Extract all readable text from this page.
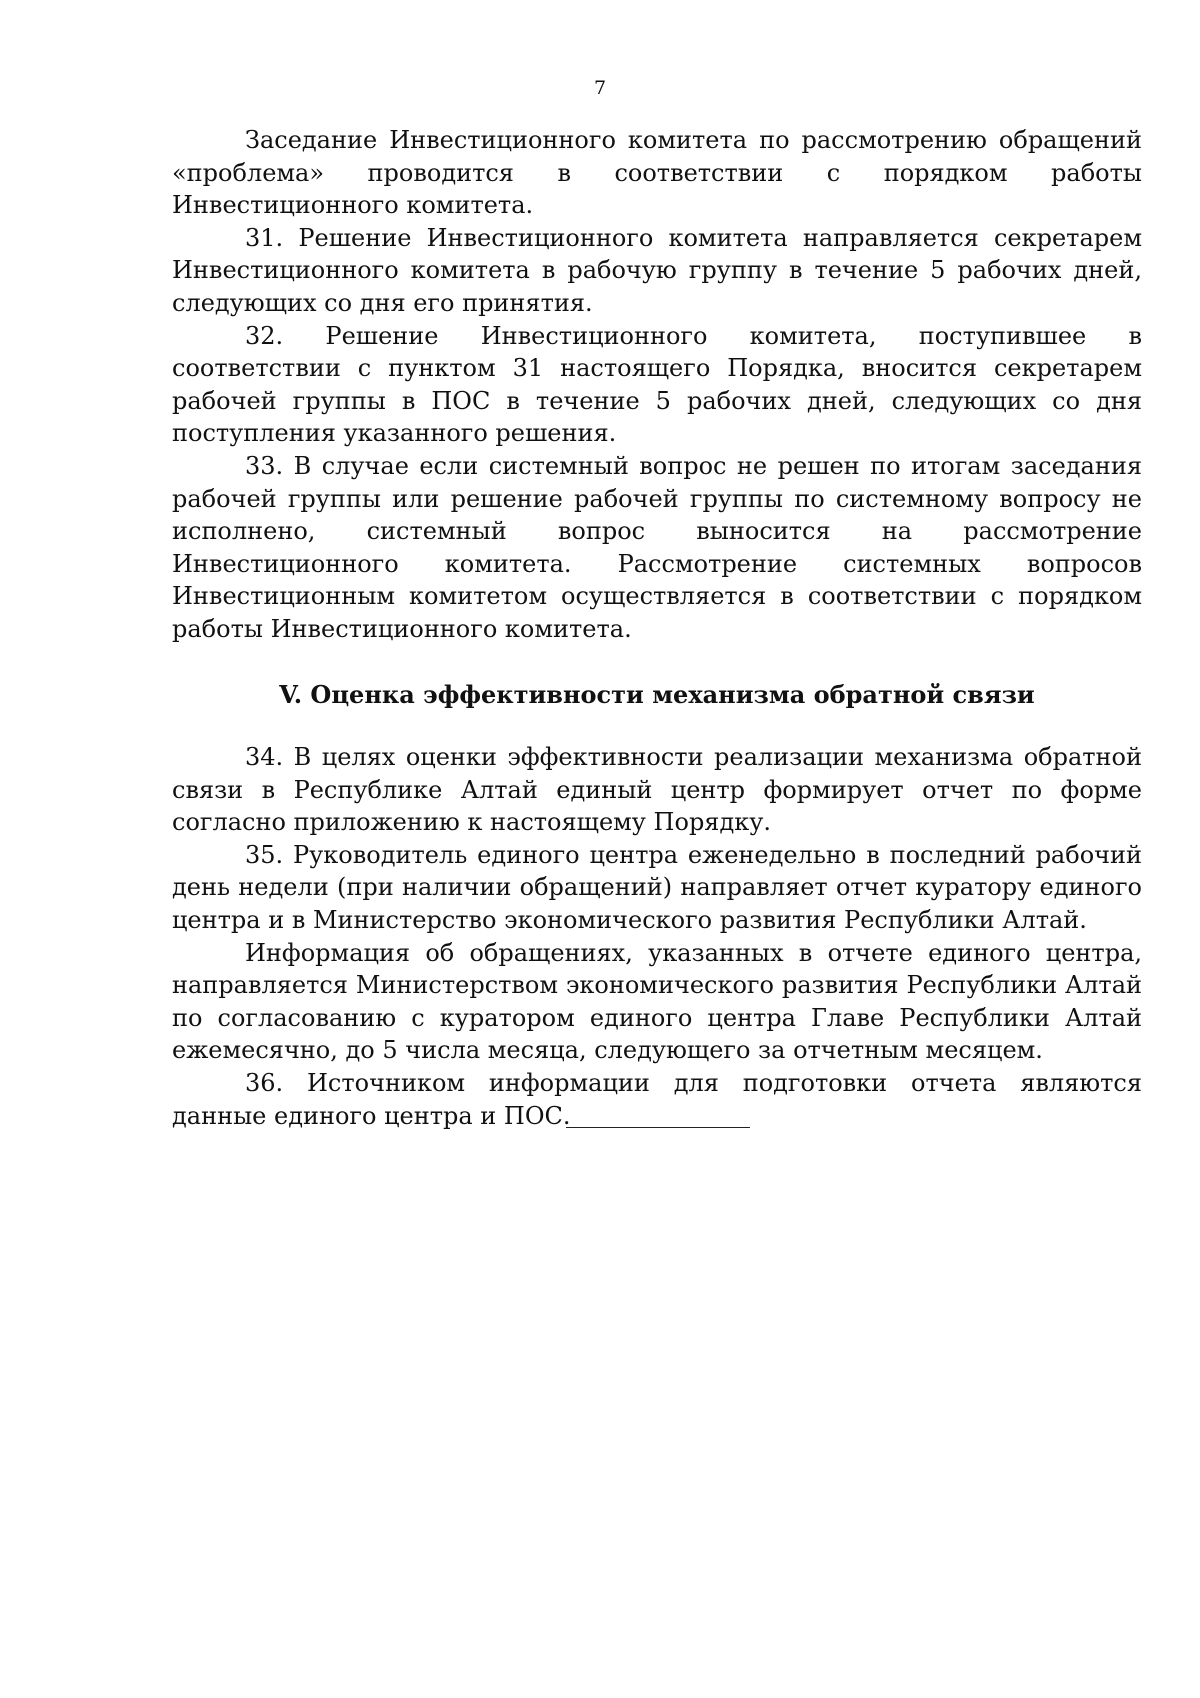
7

Заседание Инвестиционного комитета по рассмотрению обращений «проблема» проводится в соответствии с порядком работы Инвестиционного комитета.

31. Решение Инвестиционного комитета направляется секретарем Инвестиционного комитета в рабочую группу в течение 5 рабочих дней, следующих со дня его принятия.

32. Решение Инвестиционного комитета, поступившее в соответствии с пунктом 31 настоящего Порядка, вносится секретарем рабочей группы в ПОС в течение 5 рабочих дней, следующих со дня поступления указанного решения.

33. В случае если системный вопрос не решен по итогам заседания рабочей группы или решение рабочей группы по системному вопросу не исполнено, системный вопрос выносится на рассмотрение Инвестиционного комитета. Рассмотрение системных вопросов Инвестиционным комитетом осуществляется в соответствии с порядком работы Инвестиционного комитета.

V. Оценка эффективности механизма обратной связи

34. В целях оценки эффективности реализации механизма обратной связи в Республике Алтай единый центр формирует отчет по форме согласно приложению к настоящему Порядку.

35. Руководитель единого центра еженедельно в последний рабочий день недели (при наличии обращений) направляет отчет куратору единого центра и в Министерство экономического развития Республики Алтай.

Информация об обращениях, указанных в отчете единого центра, направляется Министерством экономического развития Республики Алтай по согласованию с куратором единого центра Главе Республики Алтай ежемесячно, до 5 числа месяца, следующего за отчетным месяцем.

36. Источником информации для подготовки отчета являются данные единого центра и ПОС.
